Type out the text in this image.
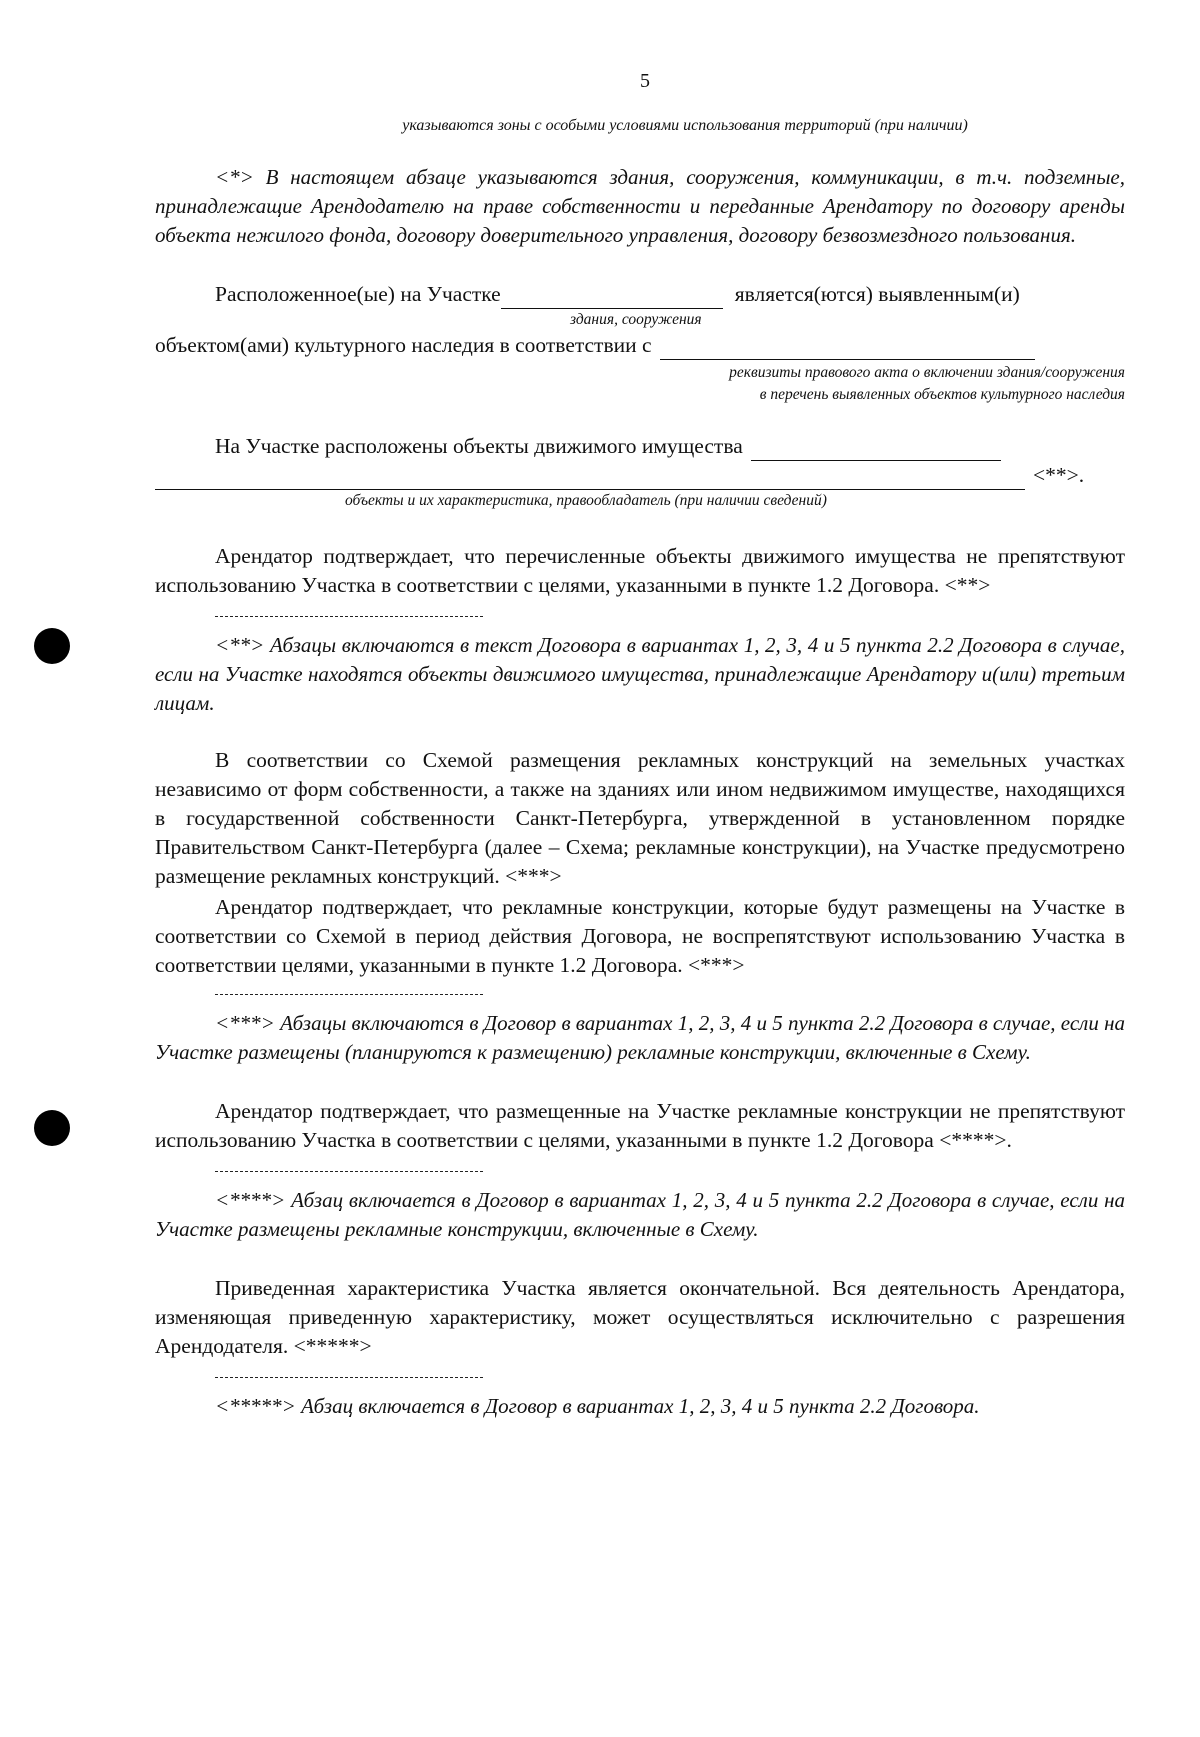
5

указываются зоны с особыми условиями использования территорий (при наличии)

<*> В настоящем абзаце указываются здания, сооружения, коммуникации, в т.ч. подземные, принадлежащие Арендодателю на праве собственности и переданные Арендатору по договору аренды объекта нежилого фонда, договору доверительного управления, договору безвозмездного пользования.

Расположенное(ые) на Участке	является(ются) выявленным(и)

здания, сооружения

объектом(ами) культурного наследия в соответствии с

реквизиты правового акта о включении здания/сооружения

в перечень выявленных объектов культурного наследия

На Участке расположены объекты движимого имущества
<**>.

объекты и их характеристика, правообладатель (при наличии сведений)

Арендатор подтверждает, что перечисленные объекты движимого имущества не препятствуют использованию Участка в соответствии с целями, указанными в пункте 1.2 Договора. <**>

<**> Абзацы включаются в текст Договора в вариантах 1, 2, 3, 4 и 5 пункта 2.2 Договора в случае, если на Участке находятся объекты движимого имущества, принадлежащие Арендатору и(или) третьим лицам.

В соответствии со Схемой размещения рекламных конструкций на земельных участках независимо от форм собственности, а также на зданиях или ином недвижимом имуществе, находящихся в государственной собственности Санкт-Петербурга, утвержденной в установленном порядке Правительством Санкт-Петербурга (далее – Схема; рекламные конструкции), на Участке предусмотрено размещение рекламных конструкций. <***>

Арендатор подтверждает, что рекламные конструкции, которые будут размещены на Участке в соответствии со Схемой в период действия Договора, не воспрепятствуют использованию Участка в соответствии целями, указанными в пункте 1.2 Договора. <***>

<***> Абзацы включаются в Договор в вариантах 1, 2, 3, 4 и 5 пункта 2.2 Договора в случае, если на Участке размещены (планируются к размещению) рекламные конструкции, включенные в Схему.

Арендатор подтверждает, что размещенные на Участке рекламные конструкции не препятствуют использованию Участка в соответствии с целями, указанными в пункте 1.2 Договора <****>.

<****> Абзац включается в Договор в вариантах 1, 2, 3, 4 и 5 пункта 2.2 Договора в случае, если на Участке размещены рекламные конструкции, включенные в Схему.

Приведенная характеристика Участка является окончательной. Вся деятельность Арендатора, изменяющая приведенную характеристику, может осуществляться исключительно с разрешения Арендодателя. <*****>

<*****> Абзац включается в Договор в вариантах 1, 2, 3, 4 и 5 пункта 2.2 Договора.
